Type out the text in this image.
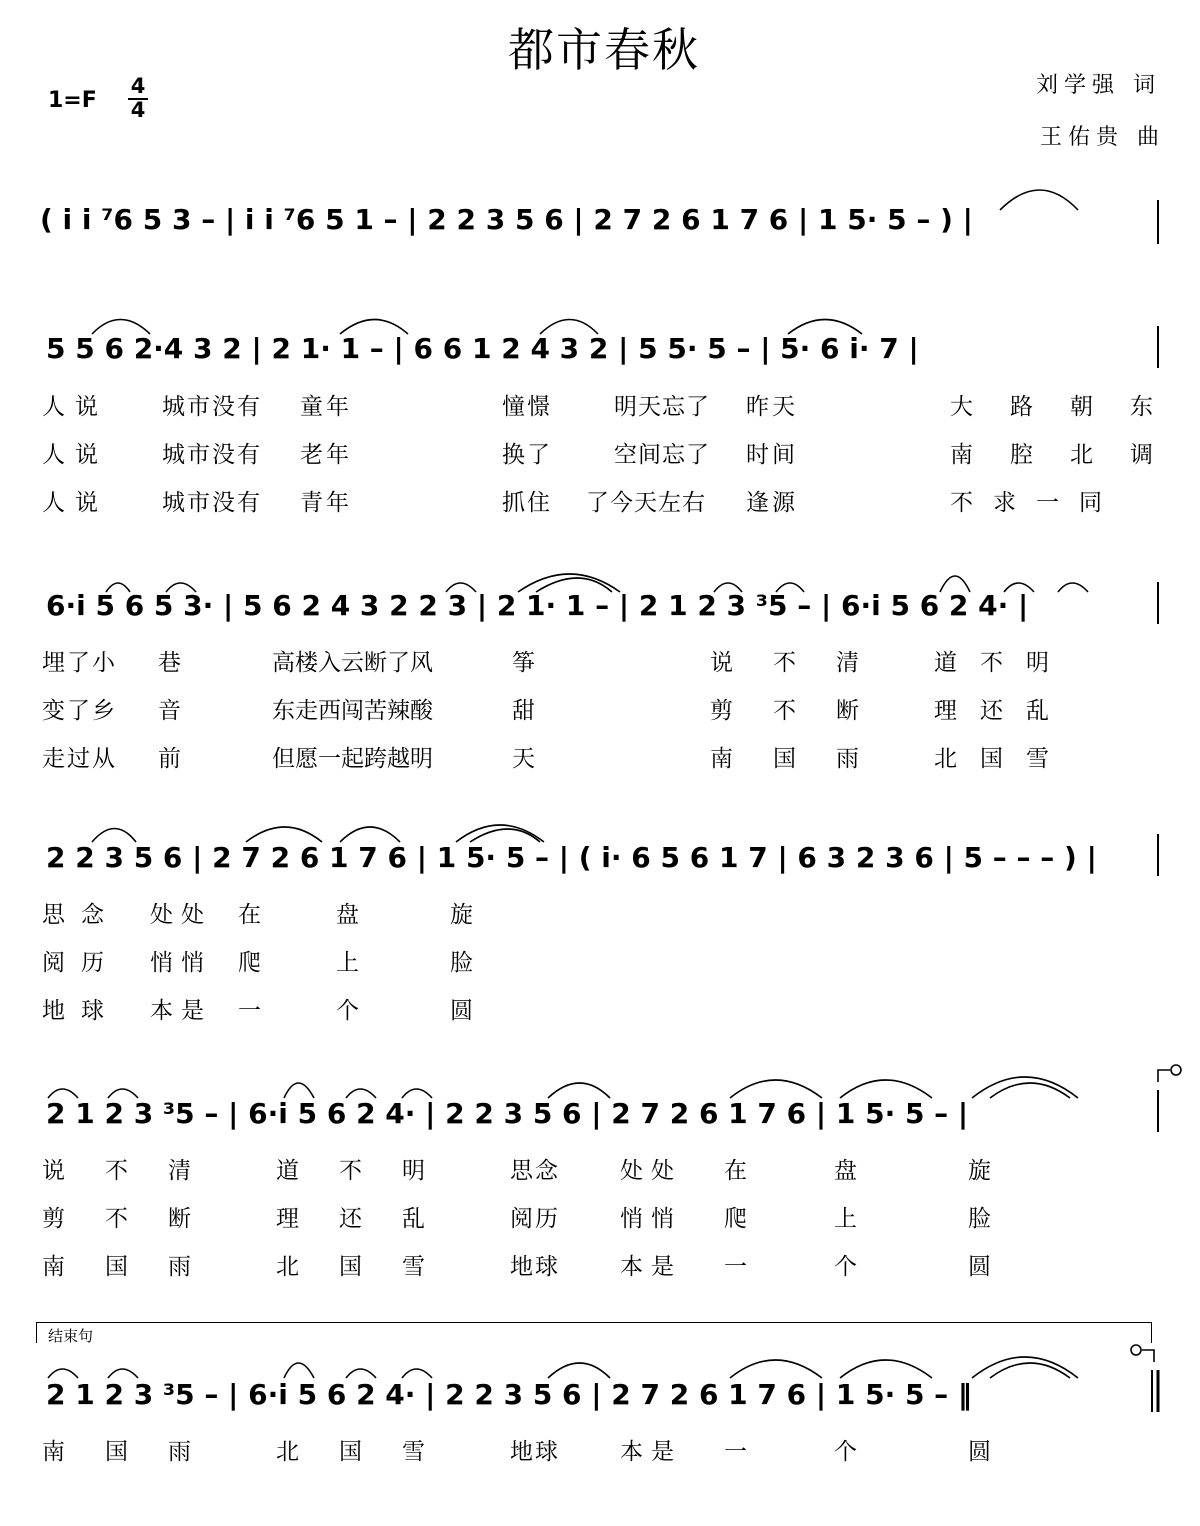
都市春秋
刘学强 词
王佑贵 曲
1=F
4
4
( i i ⁷6 5 3 – | i i ⁷6 5 1 – | 2 2 3 5 6 | 2 7 2 6 1 7 6 | 1 5· 5 – ) |
5 5 6 2·4 3 2 | 2 1· 1 – | 6 6 1 2 4 3 2 | 5 5· 5 – | 5· 6 i· 7 |
6·i 5 6 5 3· | 5 6 2 4 3 2 2 3 | 2 1· 1 – | 2 1 2 3 ³5 – | 6·i 5 6 2 4· |
2 2 3 5 6 | 2 7 2 6 1 7 6 | 1 5· 5 – | ( i· 6 5 6 1 7 | 6 3 2 3 6 | 5 – – – ) |
2 1 2 3 ³5 – | 6·i 5 6 2 4· | 2 2 3 5 6 | 2 7 2 6 1 7 6 | 1 5· 5 – |
2 1 2 3 ³5 – | 6·i 5 6 2 4· | 2 2 3 5 6 | 2 7 2 6 1 7 6 | 1 5· 5 – ‖
人说 城市没有 童年	憧憬	明天忘了 昨天	大路朝东
人说 城市没有 老年	换了	空间忘了 时间	南腔北调
人说 城市没有 青年	抓住 了今天左右 逢源	不求一同
埋了小 巷	高楼入云断了风	筝	说不清 道不明
变了乡 音	东走西闯苦辣酸	甜	剪不断 理还乱
走过从 前	但愿一起跨越明	天	南国雨 北国雪
思念 处处 在	盘	旋
阅历 悄悄 爬	上	脸
地球 本是 一	个	圆
说不清 道不明 思念	处处 在	盘	旋
剪不断 理还乱 阅历	悄悄 爬	上	脸
南国雨 北国雪 地球	本是 一	个	圆
结束句
南国雨 北国雪 地球	本是 一	个	圆
